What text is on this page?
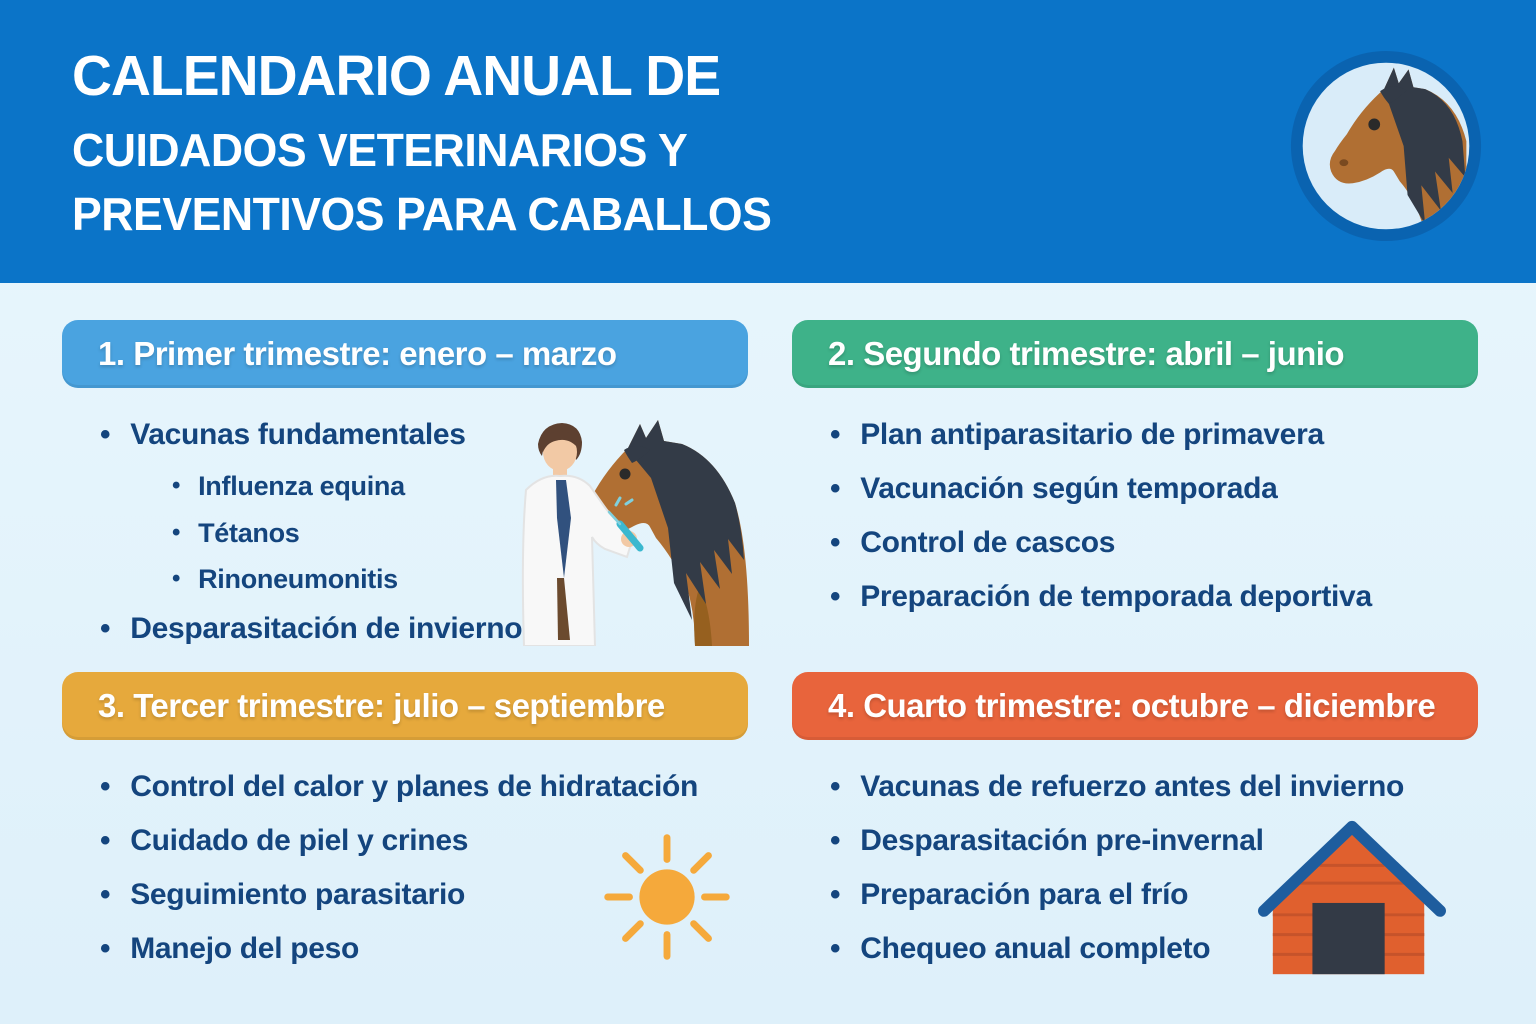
CALENDARIO ANUAL DE
CUIDADOS VETERINARIOS Y
PREVENTIVOS PARA CABALLOS
1. Primer trimestre: enero – marzo
• Vacunas fundamentales
• Influenza equina
• Tétanos
• Rinoneumonitis
• Desparasitación de invierno
2. Segundo trimestre: abril – junio
• Plan antiparasitario de primavera
• Vacunación según temporada
• Control de cascos
• Preparación de temporada deportiva
3. Tercer trimestre: julio – septiembre
• Control del calor y planes de hidratación
• Cuidado de piel y crines
• Seguimiento parasitario
• Manejo del peso
4. Cuarto trimestre: octubre – diciembre
• Vacunas de refuerzo antes del invierno
• Desparasitación pre-invernal
• Preparación para el frío
• Chequeo anual completo
